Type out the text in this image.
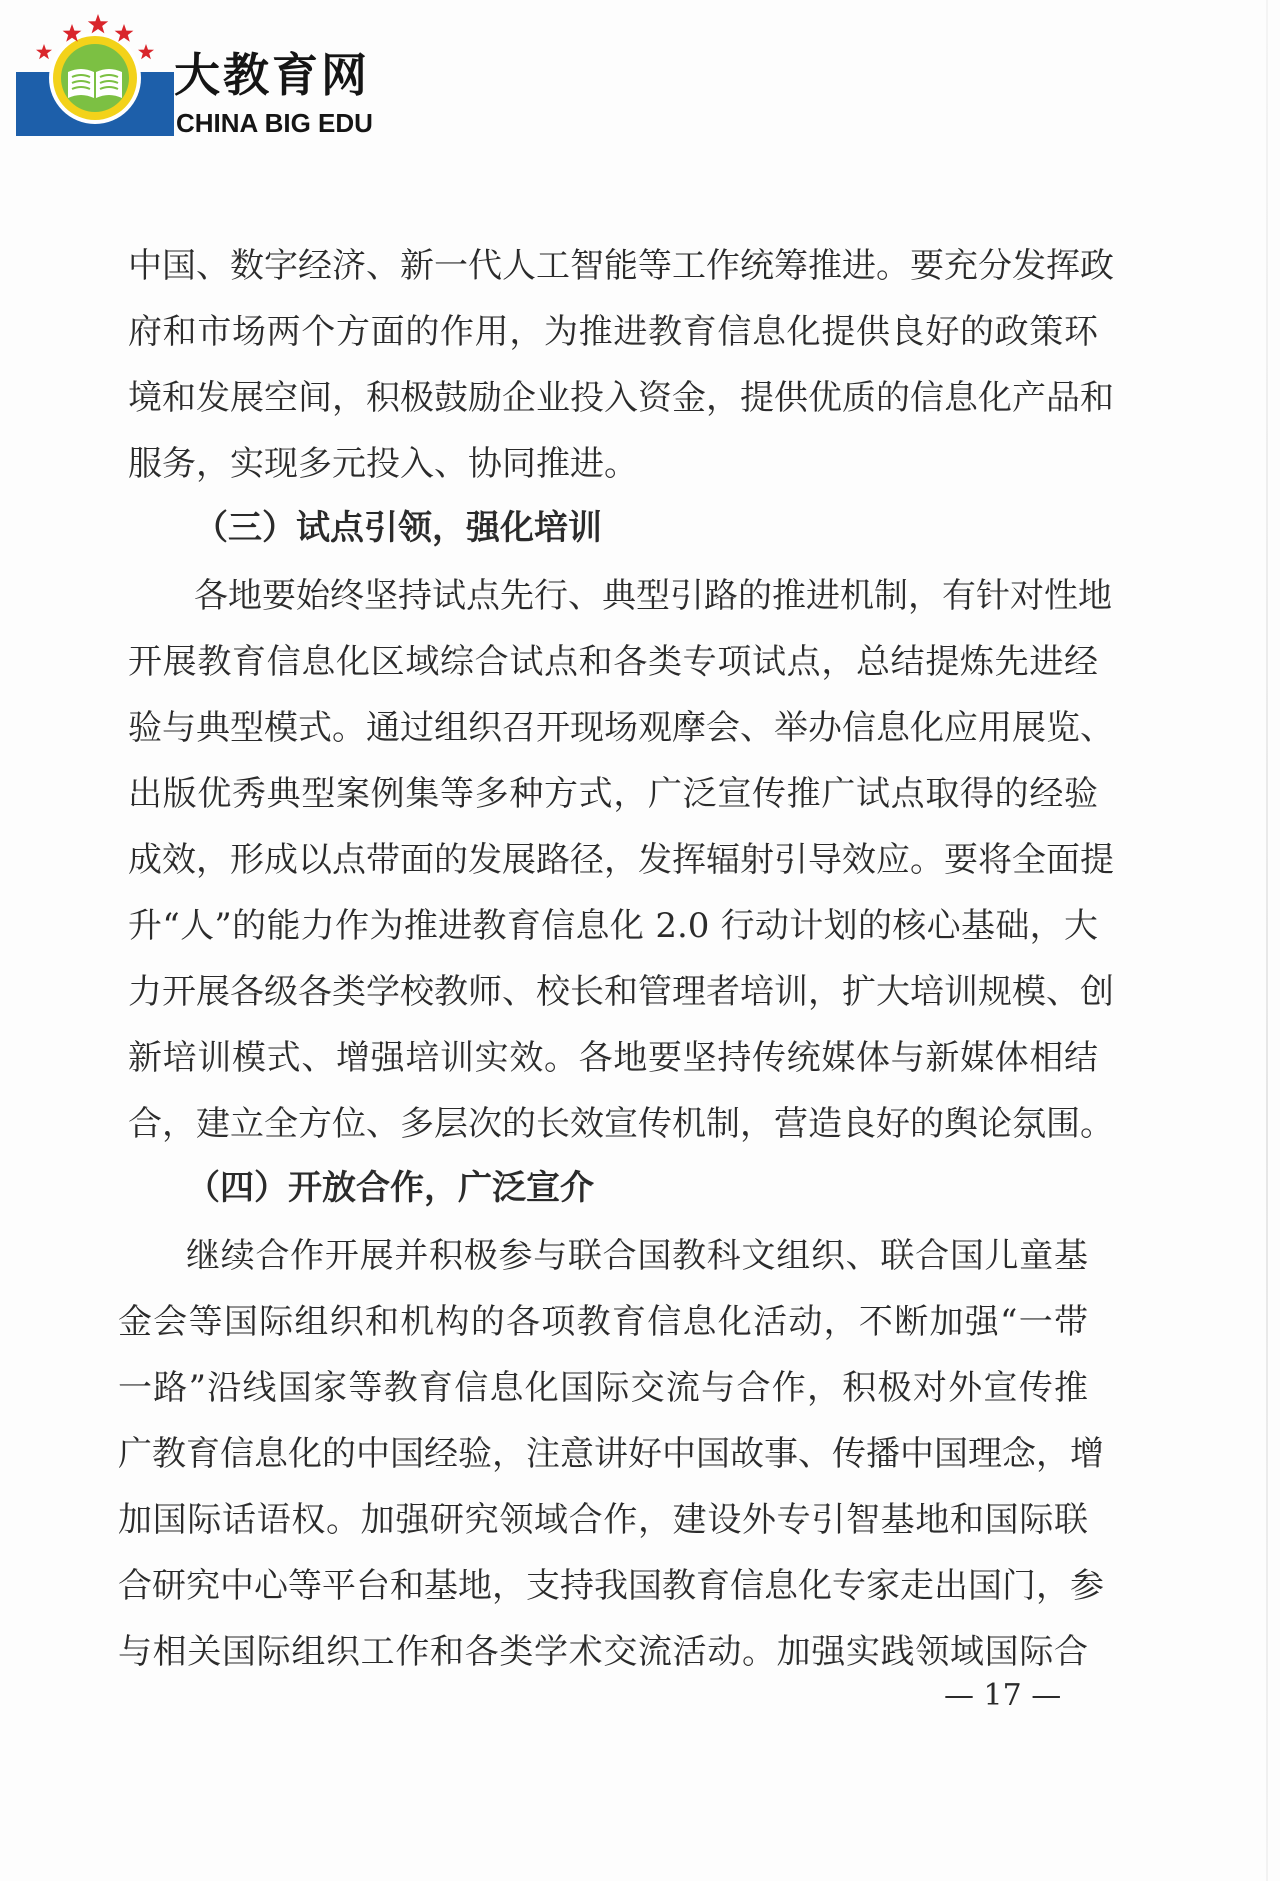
大教育网
CHINA BIG EDU
中国、数字经济、新一代人工智能等工作统筹推进。要充分发挥政
府和市场两个方面的作用，为推进教育信息化提供良好的政策环
境和发展空间，积极鼓励企业投入资金，提供优质的信息化产品和
服务，实现多元投入、协同推进。
（三）试点引领，强化培训
各地要始终坚持试点先行、典型引路的推进机制，有针对性地
开展教育信息化区域综合试点和各类专项试点，总结提炼先进经
验与典型模式。通过组织召开现场观摩会、举办信息化应用展览、
出版优秀典型案例集等多种方式，广泛宣传推广试点取得的经验
成效，形成以点带面的发展路径，发挥辐射引导效应。要将全面提
升“人”的能力作为推进教育信息化 2.0 行动计划的核心基础，大
力开展各级各类学校教师、校长和管理者培训，扩大培训规模、创
新培训模式、增强培训实效。各地要坚持传统媒体与新媒体相结
合，建立全方位、多层次的长效宣传机制，营造良好的舆论氛围。
（四）开放合作，广泛宣介
继续合作开展并积极参与联合国教科文组织、联合国儿童基
金会等国际组织和机构的各项教育信息化活动，不断加强“一带
一路”沿线国家等教育信息化国际交流与合作，积极对外宣传推
广教育信息化的中国经验，注意讲好中国故事、传播中国理念，增
加国际话语权。加强研究领域合作，建设外专引智基地和国际联
合研究中心等平台和基地，支持我国教育信息化专家走出国门，参
与相关国际组织工作和各类学术交流活动。加强实践领域国际合
— 17 —
